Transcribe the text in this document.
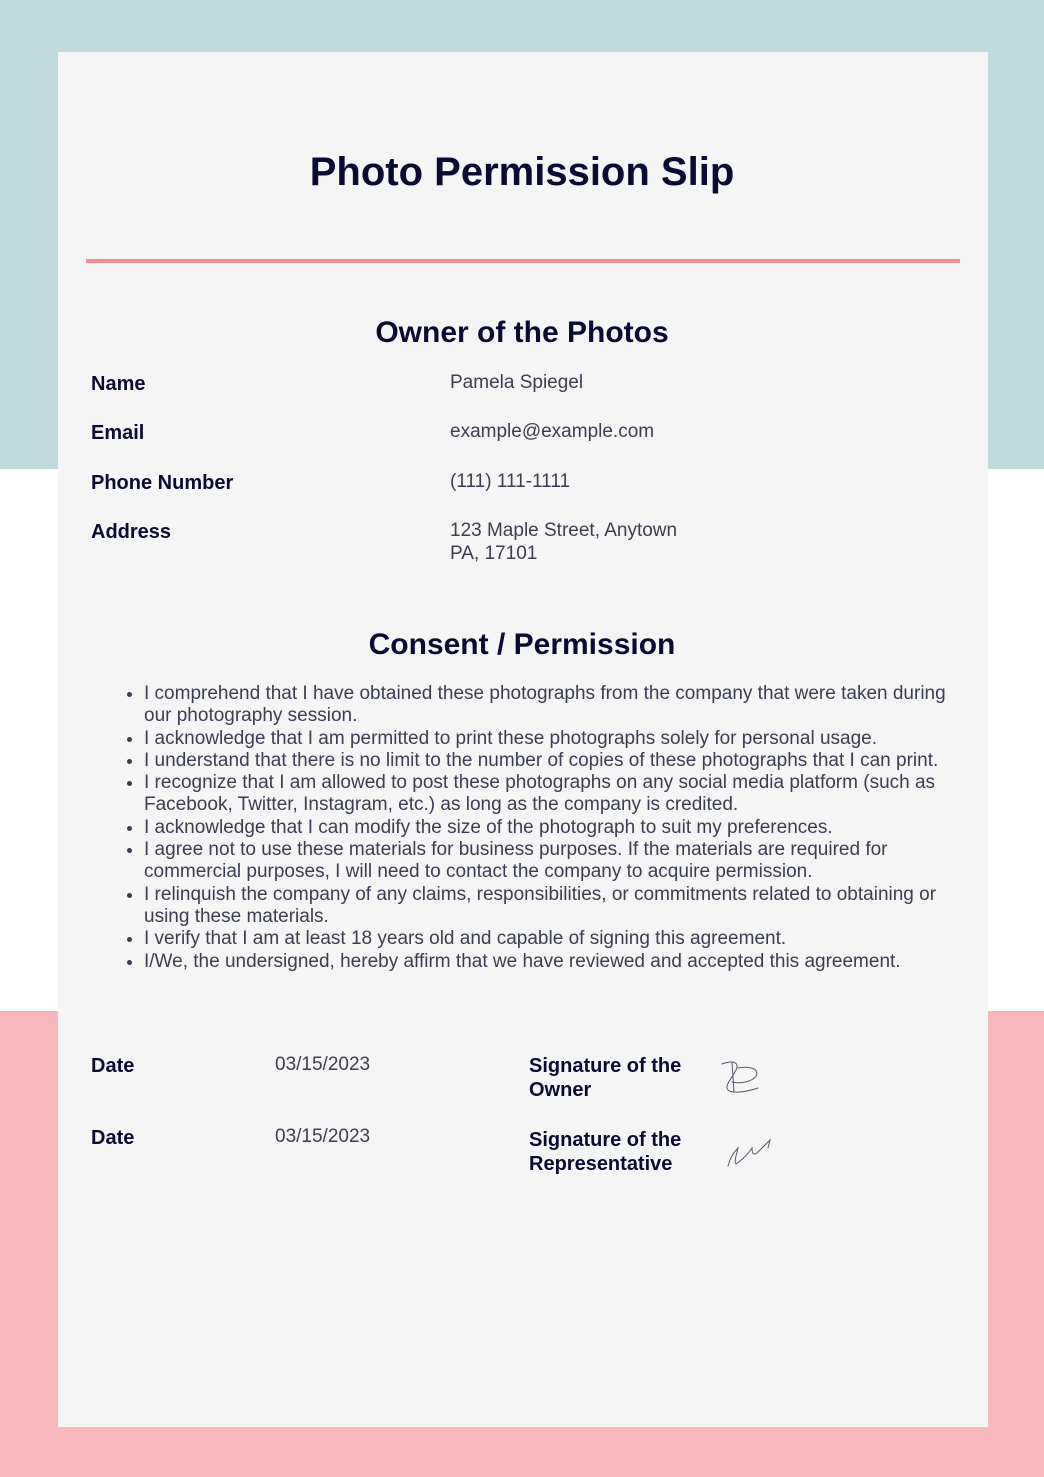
Photo Permission Slip
Owner of the Photos
Name	Pamela Spiegel
Email	example@example.com
Phone Number	(111) 111-1111
Address	123 Maple Street, Anytown
PA, 17101
Consent / Permission
• I comprehend that I have obtained these photographs from the company that were taken during our photography session.
• I acknowledge that I am permitted to print these photographs solely for personal usage.
• I understand that there is no limit to the number of copies of these photographs that I can print.
• I recognize that I am allowed to post these photographs on any social media platform (such as Facebook, Twitter, Instagram, etc.) as long as the company is credited.
• I acknowledge that I can modify the size of the photograph to suit my preferences.
• I agree not to use these materials for business purposes. If the materials are required for commercial purposes, I will need to contact the company to acquire permission.
• I relinquish the company of any claims, responsibilities, or commitments related to obtaining or using these materials.
• I verify that I am at least 18 years old and capable of signing this agreement.
• I/We, the undersigned, hereby affirm that we have reviewed and accepted this agreement.
Date	03/15/2023	Signature of the
Owner
Date	03/15/2023	Signature of the
Representative
